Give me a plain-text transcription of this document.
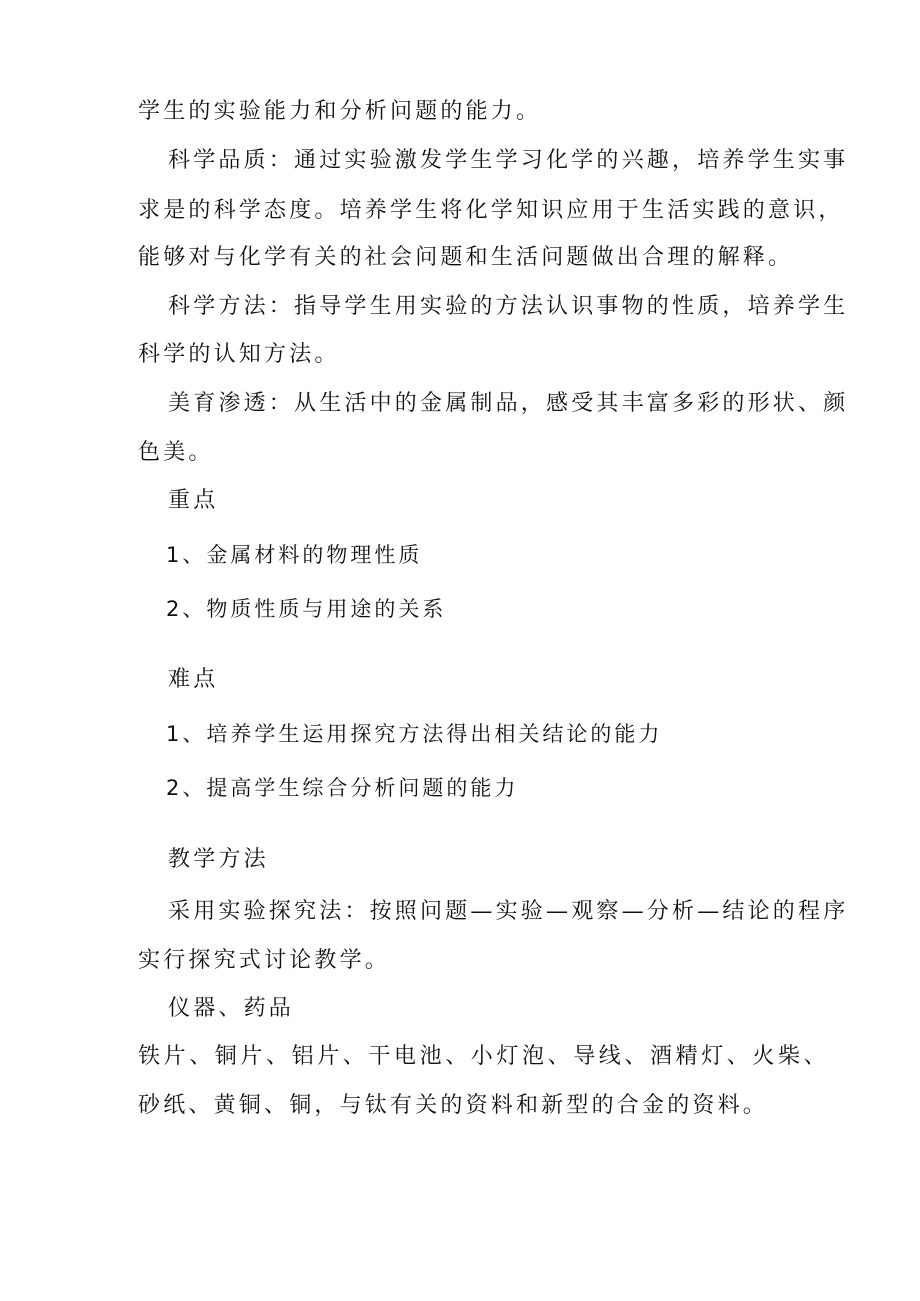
学生的实验能力和分析问题的能力。

科学品质：通过实验激发学生学习化学的兴趣，培养学生实事

求是的科学态度。培养学生将化学知识应用于生活实践的意识，

能够对与化学有关的社会问题和生活问题做出合理的解释。

科学方法：指导学生用实验的方法认识事物的性质，培养学生

科学的认知方法。

美育渗透：从生活中的金属制品，感受其丰富多彩的形状、颜

色美。

重点

1、金属材料的物理性质

2、物质性质与用途的关系

难点

1、培养学生运用探究方法得出相关结论的能力

2、提高学生综合分析问题的能力

教学方法

采用实验探究法：按照问题—实验—观察—分析—结论的程序

实行探究式讨论教学。

仪器、药品

铁片、铜片、铝片、干电池、小灯泡、导线、酒精灯、火柴、

砂纸、黄铜、铜，与钛有关的资料和新型的合金的资料。
